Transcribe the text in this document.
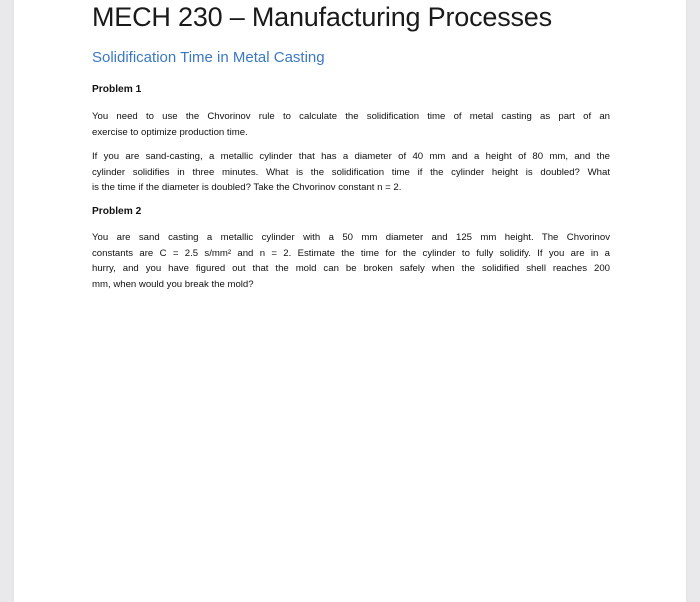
MECH 230 – Manufacturing Processes
Solidification Time in Metal Casting
Problem 1
You need to use the Chvorinov rule to calculate the solidification time of metal casting as part of an
exercise to optimize production time.
If you are sand-casting, a metallic cylinder that has a diameter of 40 mm and a height of 80 mm, and the
cylinder solidifies in three minutes. What is the solidification time if the cylinder height is doubled? What
is the time if the diameter is doubled? Take the Chvorinov constant n = 2.
Problem 2
You are sand casting a metallic cylinder with a 50 mm diameter and 125 mm height. The Chvorinov
constants are C = 2.5 s/mm² and n = 2. Estimate the time for the cylinder to fully solidify. If you are in a
hurry, and you have figured out that the mold can be broken safely when the solidified shell reaches 200
mm, when would you break the mold?
